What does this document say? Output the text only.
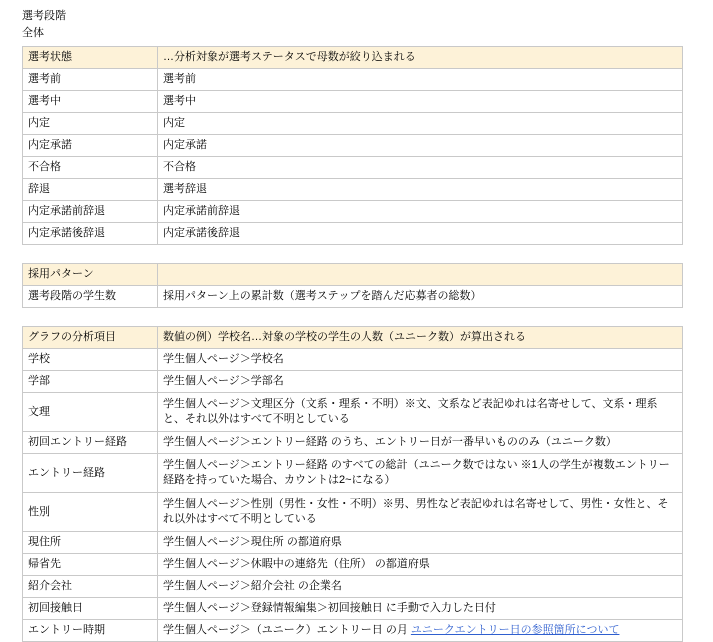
選考段階
全体
選考状態	…分析対象が選考ステータスで母数が絞り込まれる
選考前	選考前
選考中	選考中
内定	内定
内定承諾	内定承諾
不合格	不合格
辞退	選考辞退
内定承諾前辞退	内定承諾前辞退
内定承諾後辞退	内定承諾後辞退
採用パターン	
選考段階の学生数	採用パターン上の累計数（選考ステップを踏んだ応募者の総数）
グラフの分析項目	数値の例）学校名…対象の学校の学生の人数（ユニーク数）が算出される
学校	学生個人ページ＞学校名
学部	学生個人ページ＞学部名
文理	学生個人ページ＞文理区分（文系・理系・不明）※文、文系など表記ゆれは名寄せして、文系・理系と、それ以外はすべて不明としている
初回エントリー経路	学生個人ページ＞エントリー経路 のうち、エントリー日が一番早いもののみ（ユニーク数）
エントリー経路	学生個人ページ＞エントリー経路 のすべての総計（ユニーク数ではない ※1人の学生が複数エントリー経路を持っていた場合、カウントは2~になる）
性別	学生個人ページ＞性別（男性・女性・不明）※男、男性など表記ゆれは名寄せして、男性・女性と、それ以外はすべて不明としている
現住所	学生個人ページ＞現住所 の都道府県
帰省先	学生個人ページ＞休暇中の連絡先（住所） の都道府県
紹介会社	学生個人ページ＞紹介会社 の企業名
初回接触日	学生個人ページ＞登録情報編集＞初回接触日 に手動で入力した日付
エントリー時期	学生個人ページ＞（ユニーク）エントリー日 の月 ユニークエントリー日の参照箇所について
